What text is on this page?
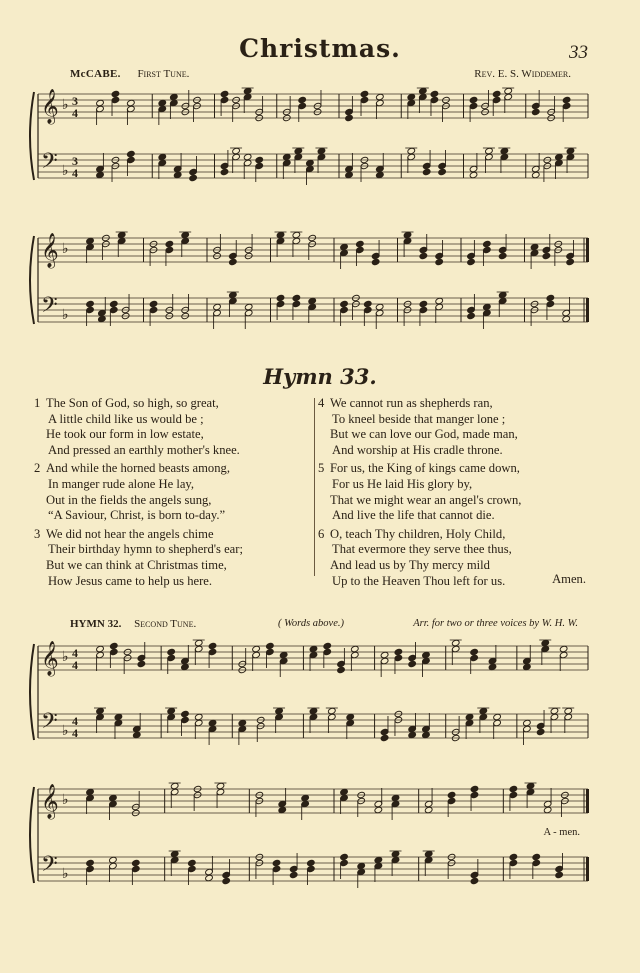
Christmas.	33
McCABE. First Tune.	Rev. E. S. Widdemer.
𝄞 ♭ 3
4
𝄢 ♭
3
4
𝄞 ♭
𝄢 ♭
Hymn 33.
1 The Son of God, so high, so great,
A little child like us would be ;
He took our form in low estate,
And pressed an earthly mother's knee.
2 And while the horned beasts among,
In manger rude alone He lay,
Out in the fields the angels sung,
“A Saviour, Christ, is born to-day.”
3 We did not hear the angels chime
Their birthday hymn to shepherd's ear;
But we can think at Christmas time,
How Jesus came to help us here.
4 We cannot run as shepherds ran,
To kneel beside that manger lone ;
But we can love our God, made man,
And worship at His cradle throne.
5 For us, the King of kings came down,
For us He laid His glory by,
That we might wear an angel's crown,
And live the life that cannot die.
6 O, teach Thy children, Holy Child,
That evermore they serve thee thus,
And lead us by Thy mercy mild
Up to the Heaven Thou left for us.	Amen.
HYMN 32. Second Tune.	( Words above.)	Arr. for two or three voices by W. H. W.
𝄞 ♭ 4
4
𝄢 ♭
4
4
𝄞 ♭
𝄢 ♭
A - men.
